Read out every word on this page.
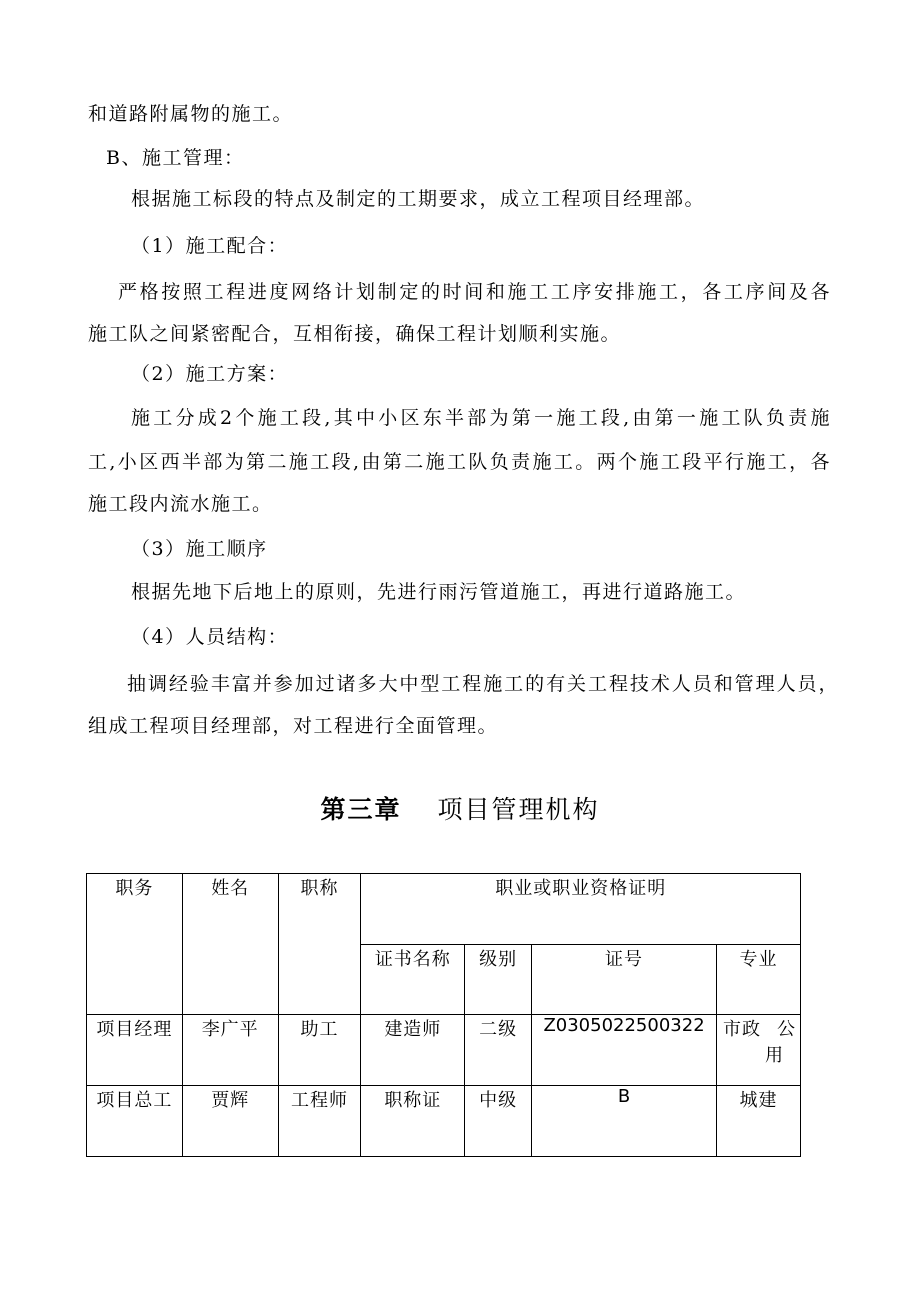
和道路附属物的施工。
B、施工管理：
根据施工标段的特点及制定的工期要求，成立工程项目经理部。
（1）施工配合：
严格按照工程进度网络计划制定的时间和施工工序安排施工，各工序间及各
施工队之间紧密配合，互相衔接，确保工程计划顺利实施。
（2）施工方案：
施工分成2个施工段,其中小区东半部为第一施工段,由第一施工队负责施
工,小区西半部为第二施工段,由第二施工队负责施工。两个施工段平行施工，各
施工段内流水施工。
（3）施工顺序
根据先地下后地上的原则，先进行雨污管道施工，再进行道路施工。
（4）人员结构：
抽调经验丰富并参加过诸多大中型工程施工的有关工程技术人员和管理人员，
组成工程项目经理部，对工程进行全面管理。
第三章 项目管理机构
职务	姓名	职称	职业或职业资格证明			
			证书名称	级别	证号	专业
项目经理	李广平	助工	建造师	二级	Z0305022500322	市政 公
用

项目总工	贾辉	工程师	职称证	中级	B	城建
